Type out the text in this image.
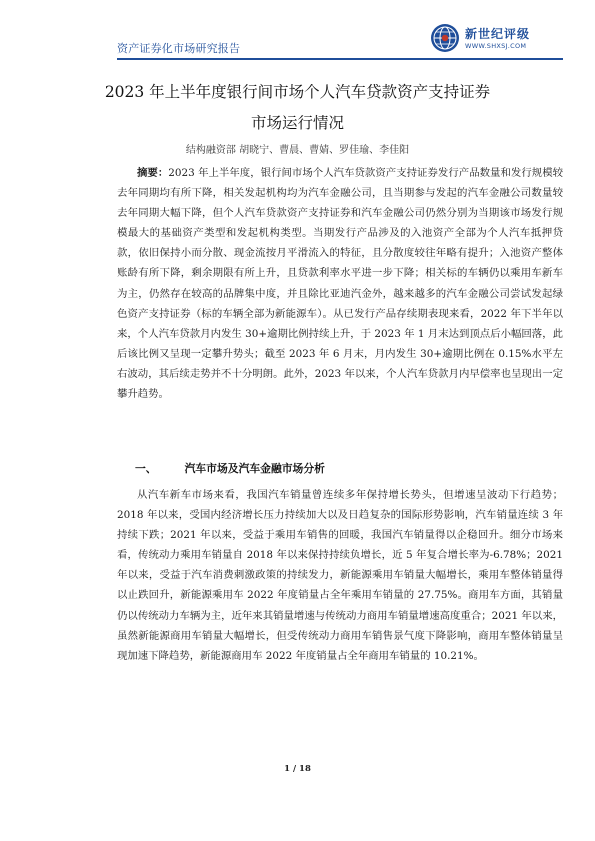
资产证券化市场研究报告
新世纪评级
WWW.SHXSJ.COM
2023 年上半年度银行间市场个人汽车贷款资产支持证券
市场运行情况
结构融资部 胡晓宁、曹晨、曹婧、罗佳瑜、李佳阳

摘要：2023 年上半年度，银行间市场个人汽车贷款资产支持证券发行产品数量和发行规模较去年同期均有所下降，相关发起机构均为汽车金融公司，且当期参与发起的汽车金融公司数量较去年同期大幅下降，但个人汽车贷款资产支持证券和汽车金融公司仍然分别为当期该市场发行规模最大的基础资产类型和发起机构类型。当期发行产品涉及的入池资产全部为个人汽车抵押贷款，依旧保持小而分散、现金流按月平滑流入的特征，且分散度较往年略有提升；入池资产整体账龄有所下降，剩余期限有所上升，且贷款利率水平进一步下降；相关标的车辆仍以乘用车新车为主，仍然存在较高的品牌集中度，并且除比亚迪汽金外，越来越多的汽车金融公司尝试发起绿色资产支持证券（标的车辆全部为新能源车）。从已发行产品存续期表现来看，2022 年下半年以来，个人汽车贷款月内发生 30+逾期比例持续上升，于 2023 年 1 月末达到顶点后小幅回落，此后该比例又呈现一定攀升势头；截至 2023 年 6 月末，月内发生 30+逾期比例在 0.15%水平左右波动，其后续走势并不十分明朗。此外，2023 年以来，个人汽车贷款月内早偿率也呈现出一定攀升趋势。

一、	汽车市场及汽车金融市场分析

从汽车新车市场来看，我国汽车销量曾连续多年保持增长势头，但增速呈波动下行趋势；2018 年以来，受国内经济增长压力持续加大以及日趋复杂的国际形势影响，汽车销量连续 3 年持续下跌；2021 年以来，受益于乘用车销售的回暖，我国汽车销量得以企稳回升。细分市场来看，传统动力乘用车销量自 2018 年以来保持持续负增长，近 5 年复合增长率为-6.78%；2021 年以来，受益于汽车消费刺激政策的持续发力，新能源乘用车销量大幅增长，乘用车整体销量得以止跌回升，新能源乘用车 2022 年度销量占全年乘用车销量的 27.75%。商用车方面，其销量仍以传统动力车辆为主，近年来其销量增速与传统动力商用车销量增速高度重合；2021 年以来，虽然新能源商用车销量大幅增长，但受传统动力商用车销售景气度下降影响，商用车整体销量呈现加速下降趋势，新能源商用车 2022 年度销量占全年商用车销量的 10.21%。

1 / 18
